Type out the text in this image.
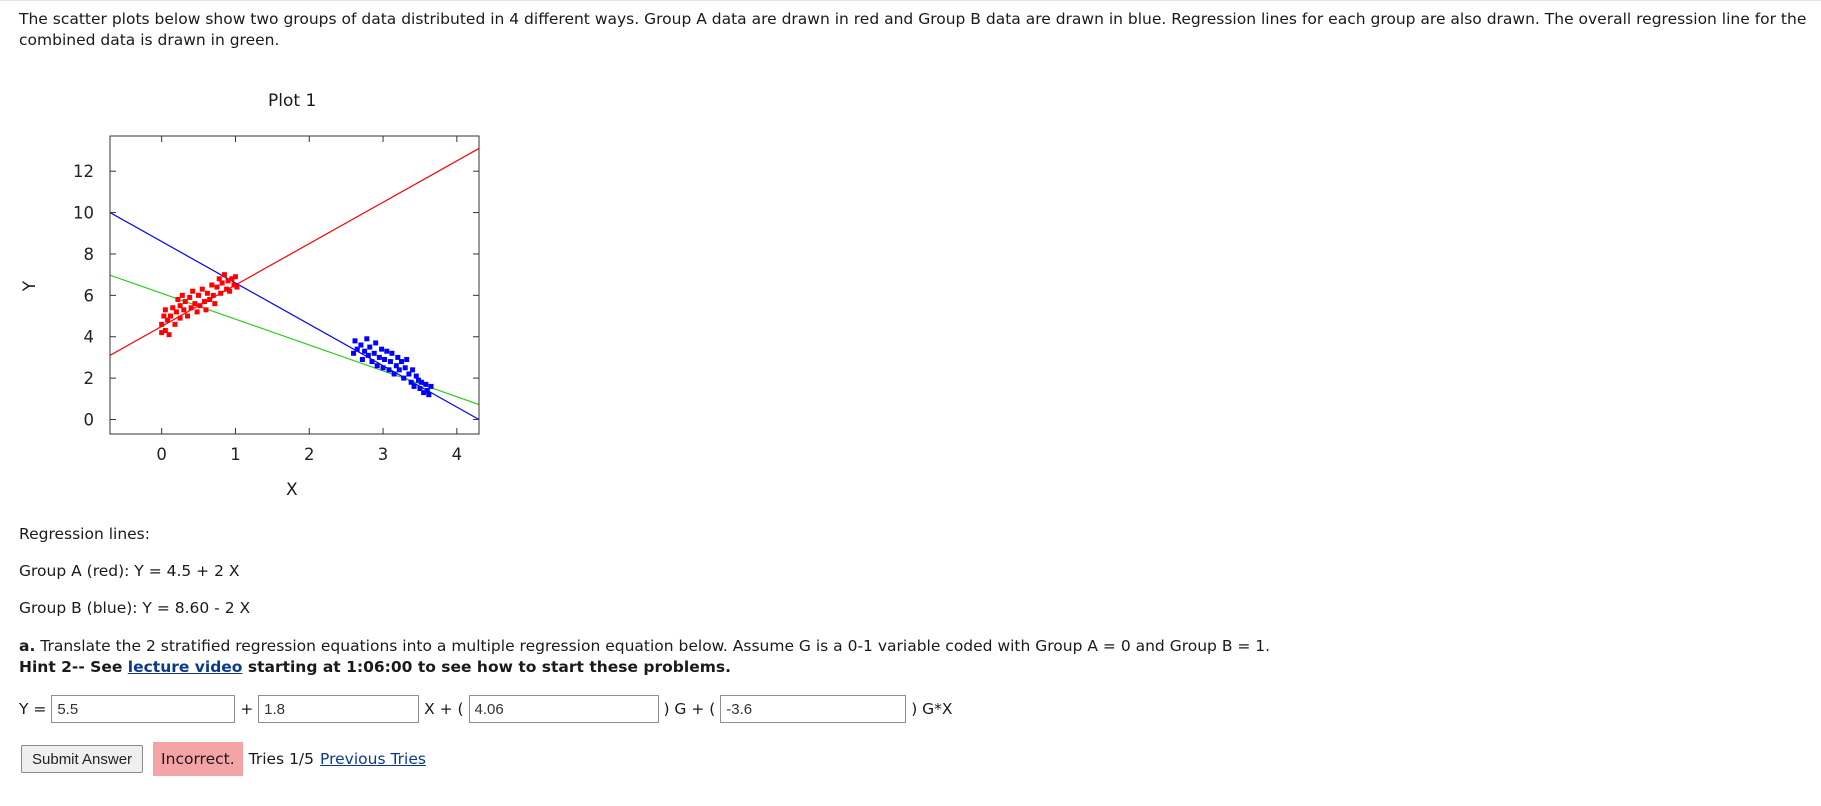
The scatter plots below show two groups of data distributed in 4 different ways. Group A data are drawn in red and Group B data are drawn in blue. Regression lines for each group are also drawn. The overall regression line for the combined data is drawn in green.

Plot 1
Y
X
0	1	2	3	4
0
2
4
6
8
10
12

Regression lines:

Group A (red): Y = 4.5 + 2 X

Group B (blue): Y = 8.60 - 2 X

a. Translate the 2 stratified regression equations into a multiple regression equation below. Assume G is a 0-1 variable coded with Group A = 0 and Group B = 1.

Hint 2-- See lecture video starting at 1:06:00 to see how to start these problems.

Y =
5.5	+
1.8	X + (
4.06	) G + (
-3.6	) G*X
Submit Answer	Incorrect. Tries 1/5 Previous Tries
